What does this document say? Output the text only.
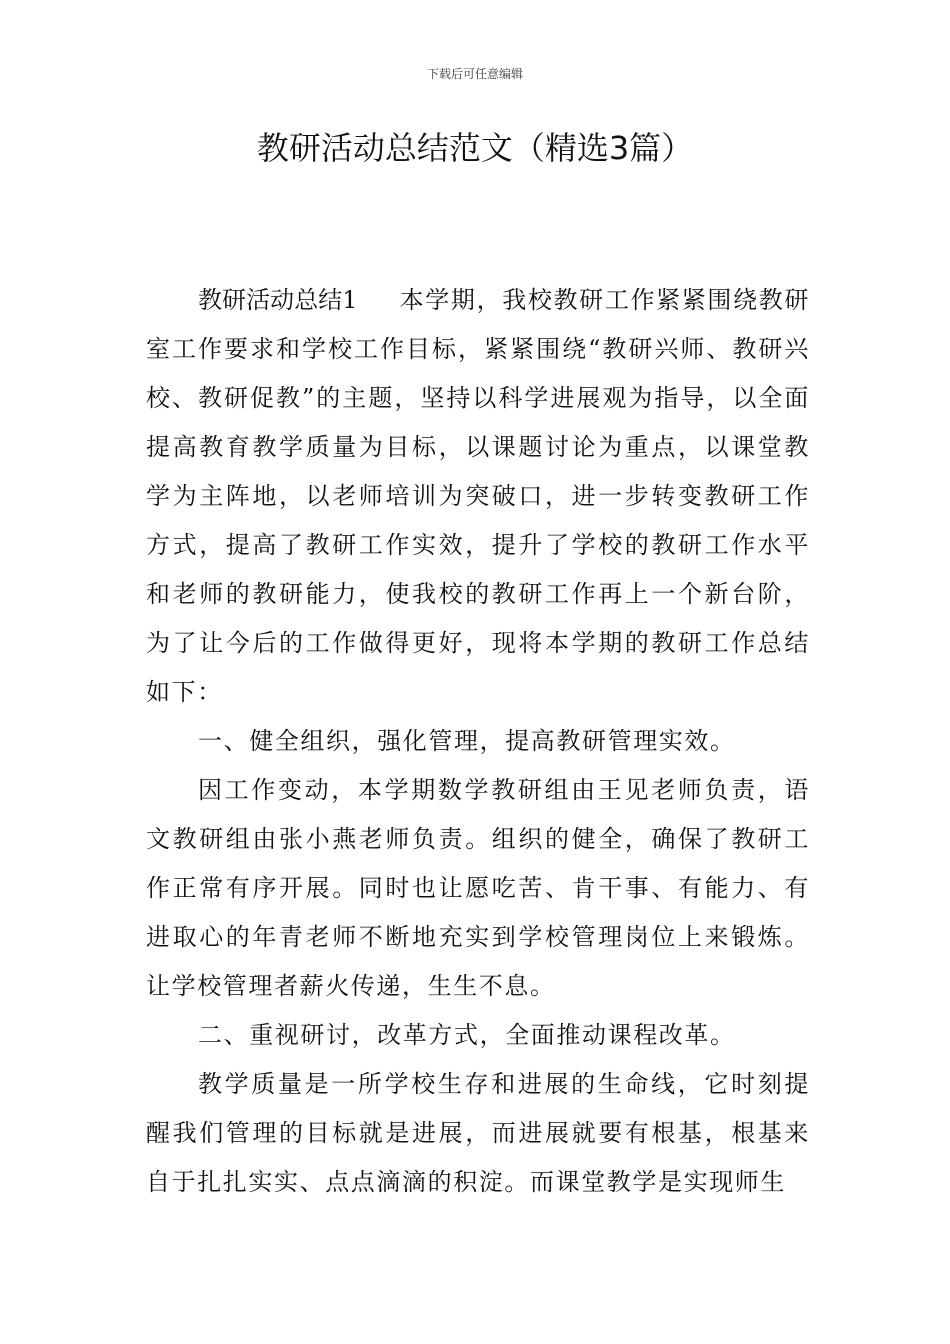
下载后可任意编辑
教研活动总结范文（精选3篇）

教研活动总结1 本学期，我校教研工作紧紧围绕教研室工作要求和学校工作目标，紧紧围绕“教研兴师、教研兴校、教研促教”的主题，坚持以科学进展观为指导，以全面提高教育教学质量为目标，以课题讨论为重点，以课堂教学为主阵地，以老师培训为突破口，进一步转变教研工作方式，提高了教研工作实效，提升了学校的教研工作水平和老师的教研能力，使我校的教研工作再上一个新台阶，为了让今后的工作做得更好，现将本学期的教研工作总结如下：

一、健全组织，强化管理，提高教研管理实效。

因工作变动，本学期数学教研组由王见老师负责，语文教研组由张小燕老师负责。组织的健全，确保了教研工作正常有序开展。同时也让愿吃苦、肯干事、有能力、有进取心的年青老师不断地充实到学校管理岗位上来锻炼。让学校管理者薪火传递，生生不息。

二、重视研讨，改革方式，全面推动课程改革。

教学质量是一所学校生存和进展的生命线，它时刻提醒我们管理的目标就是进展，而进展就要有根基，根基来自于扎扎实实、点点滴滴的积淀。而课堂教学是实现师生
